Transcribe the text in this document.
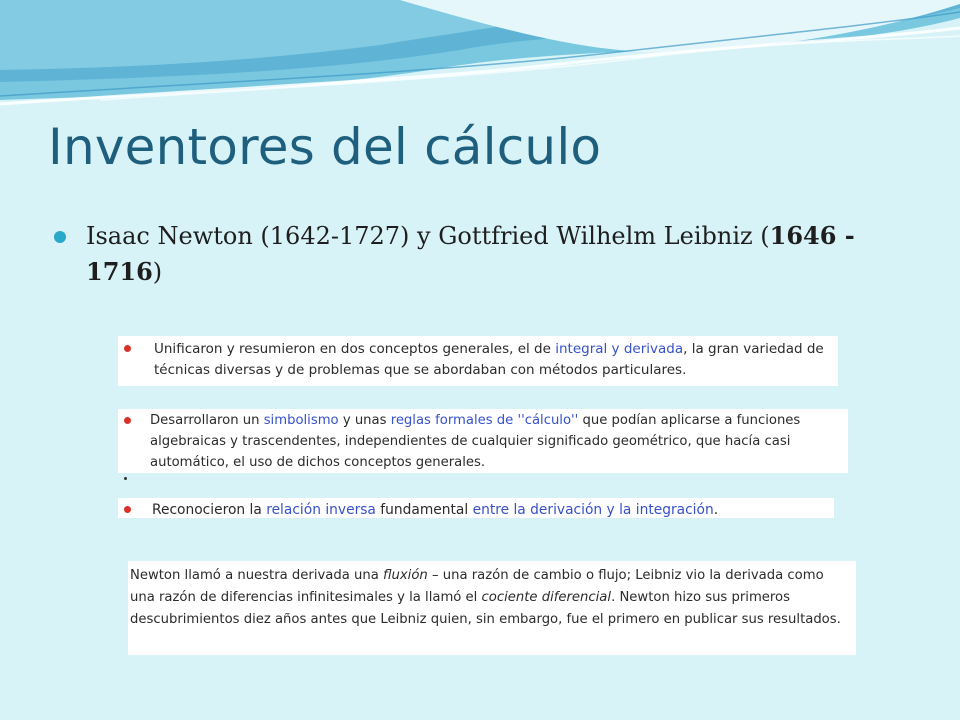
Inventores del cálculo
Isaac Newton (1642-1727) y Gottfried Wilhelm Leibniz (1646 - 1716)

Unificaron y resumieron en dos conceptos generales, el de integral y derivada, la gran variedad de técnicas diversas y de problemas que se abordaban con métodos particulares.

Desarrollaron un simbolismo y unas reglas formales de ''cálculo'' que podían aplicarse a funciones algebraicas y trascendentes, independientes de cualquier significado geométrico, que hacía casi automático, el uso de dichos conceptos generales.

Reconocieron la relación inversa fundamental entre la derivación y la integración.

Newton llamó a nuestra derivada una fluxión – una razón de cambio o flujo; Leibniz vio la derivada como una razón de diferencias infinitesimales y la llamó el cociente diferencial. Newton hizo sus primeros descubrimientos diez años antes que Leibniz quien, sin embargo, fue el primero en publicar sus resultados.
